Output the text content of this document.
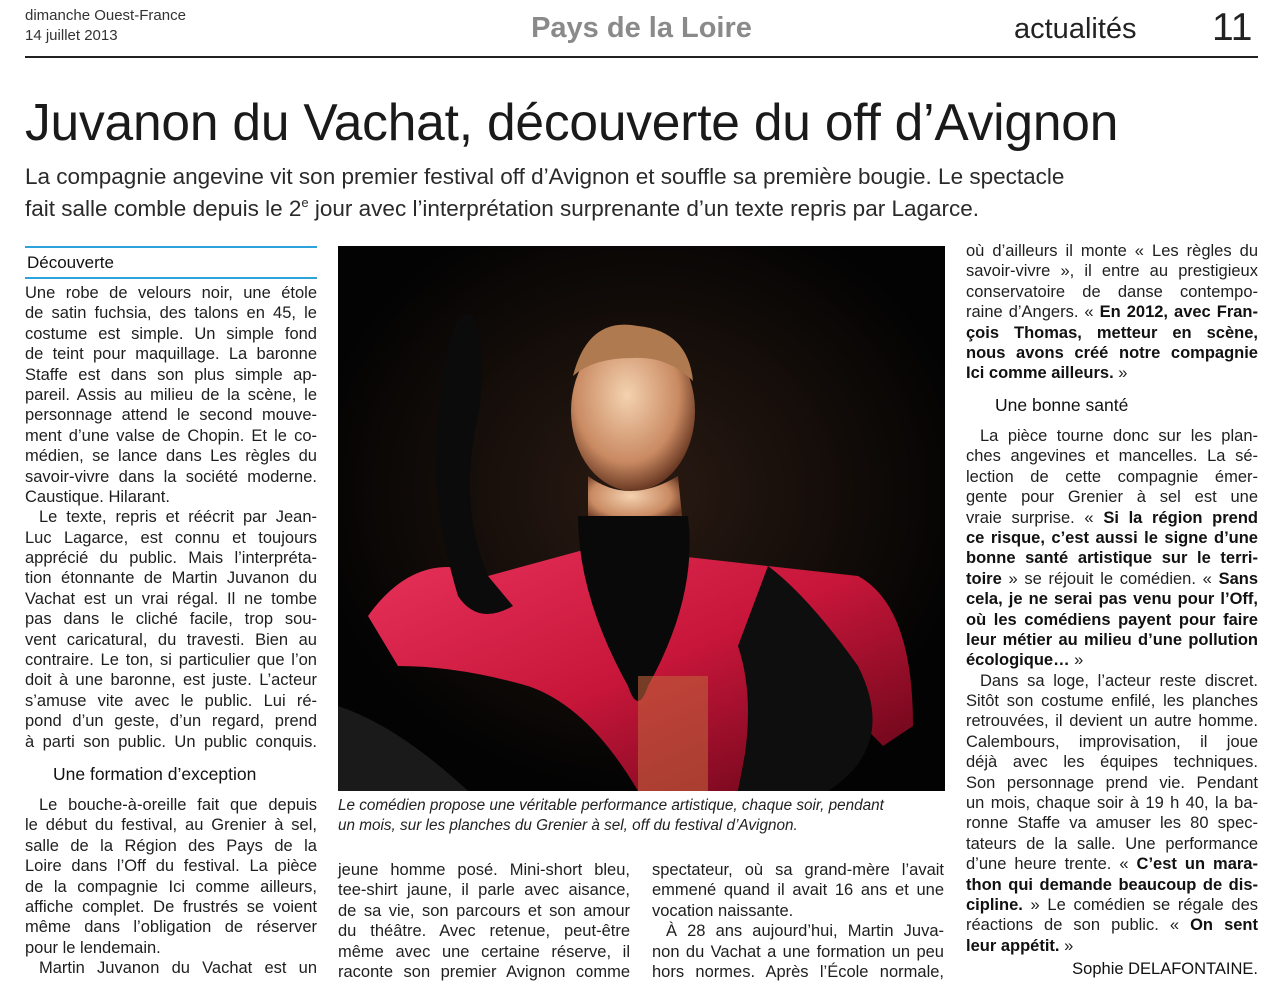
dimanche Ouest-France
14 juillet 2013	Pays de la Loire	actualités 11
Juvanon du Vachat, découverte du off d’Avignon
La compagnie angevine vit son premier festival off d’Avignon et souffle sa première bougie. Le spectacle
fait salle comble depuis le 2e jour avec l’interprétation surprenante d’un texte repris par Lagarce.
Découverte
Une robe de velours noir, une étole
de satin fuchsia, des talons en 45, le
costume est simple. Un simple fond
de teint pour maquillage. La baronne
Staffe est dans son plus simple ap-
pareil. Assis au milieu de la scène, le
personnage attend le second mouve-
ment d’une valse de Chopin. Et le co-
médien, se lance dans Les règles du
savoir-vivre dans la société moderne.
Caustique. Hilarant.
Le texte, repris et réécrit par Jean-
Luc Lagarce, est connu et toujours
apprécié du public. Mais l’interpréta-
tion étonnante de Martin Juvanon du
Vachat est un vrai régal. Il ne tombe
pas dans le cliché facile, trop sou-
vent caricatural, du travesti. Bien au
contraire. Le ton, si particulier que l’on
doit à une baronne, est juste. L’acteur
s’amuse vite avec le public. Lui ré-
pond d’un geste, d’un regard, prend
à parti son public. Un public conquis.
Une formation d’exception
Le bouche-à-oreille fait que depuis
le début du festival, au Grenier à sel,
salle de la Région des Pays de la
Loire dans l’Off du festival. La pièce
de la compagnie Ici comme ailleurs,
affiche complet. De frustrés se voient
même dans l’obligation de réserver
pour le lendemain.
Martin Juvanon du Vachat est un
Le comédien propose une véritable performance artistique, chaque soir, pendant
un mois, sur les planches du Grenier à sel, off du festival d’Avignon.
jeune homme posé. Mini-short bleu,
tee-shirt jaune, il parle avec aisance,
de sa vie, son parcours et son amour
du théâtre. Avec retenue, peut-être
même avec une certaine réserve, il
raconte son premier Avignon comme
spectateur, où sa grand-mère l’avait
emmené quand il avait 16 ans et une
vocation naissante.
À 28 ans aujourd’hui, Martin Juva-
non du Vachat a une formation un peu
hors normes. Après l’École normale,
où d’ailleurs il monte « Les règles du
savoir-vivre », il entre au prestigieux
conservatoire de danse contempo-
raine d’Angers. « En 2012, avec Fran-
çois Thomas, metteur en scène,
nous avons créé notre compagnie
Ici comme ailleurs. »
Une bonne santé
La pièce tourne donc sur les plan-
ches angevines et mancelles. La sé-
lection de cette compagnie émer-
gente pour Grenier à sel est une
vraie surprise. « Si la région prend
ce risque, c’est aussi le signe d’une
bonne santé artistique sur le terri-
toire » se réjouit le comédien. « Sans
cela, je ne serai pas venu pour l’Off,
où les comédiens payent pour faire
leur métier au milieu d’une pollution
écologique… »
Dans sa loge, l’acteur reste discret.
Sitôt son costume enfilé, les planches
retrouvées, il devient un autre homme.
Calembours, improvisation, il joue
déjà avec les équipes techniques.
Son personnage prend vie. Pendant
un mois, chaque soir à 19 h 40, la ba-
ronne Staffe va amuser les 80 spec-
tateurs de la salle. Une performance
d’une heure trente. « C’est un mara-
thon qui demande beaucoup de dis-
cipline. » Le comédien se régale des
réactions de son public. « On sent
leur appétit. »
Sophie DELAFONTAINE.
